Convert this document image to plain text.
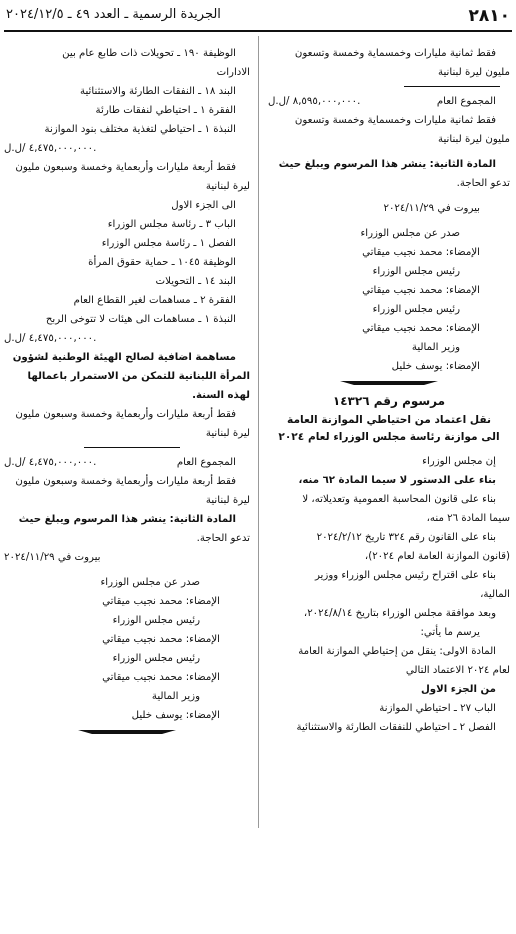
٢٨١٠
الجريدة الرسمية ـ العدد ٤٩ ـ ٢٠٢٤/١٢/٥
فقط ثمانية مليارات وخمسماية وخمسة وتسعون
مليون ليرة لبنانية
المجموع العام
٨,٥٩٥,٠٠٠,٠٠٠ /ل.ل.
فقط ثمانية مليارات وخمسماية وخمسة وتسعون
مليون ليرة لبنانية
المادة الثانية: ينشر هذا المرسوم ويبلغ حيث
تدعو الحاجة.
بيروت في ٢٠٢٤/١١/٢٩
صدر عن مجلس الوزراء
الإمضاء: محمد نجيب ميقاتي
رئيس مجلس الوزراء
الإمضاء: محمد نجيب ميقاتي
رئيس مجلس الوزراء
الإمضاء: محمد نجيب ميقاتي
وزير المالية
الإمضاء: يوسف خليل
مرسوم رقم ١٤٣٢٦
نقل اعتماد من احتياطي الموازنة العامة
الى موازنة رئاسة مجلس الوزراء لعام ٢٠٢٤
إن مجلس الوزراء
بناء على الدستور لا سيما المادة ٦٢ منه،
بناء على قانون المحاسبة العمومية وتعديلاته، لا
سيما المادة ٢٦ منه،
بناء على القانون رقم ٣٢٤ تاريخ ٢٠٢٤/٢/١٢
(قانون الموازنة العامة لعام ٢٠٢٤)،
بناء على اقتراح رئيس مجلس الوزراء ووزير
المالية،
وبعد موافقة مجلس الوزراء بتاريخ ٢٠٢٤/٨/١٤،
يرسم ما يأتي:
المادة الاولى: ينقل من إحتياطي الموازنة العامة
لعام ٢٠٢٤ الاعتماد التالي
من الجزء الاول
الباب ٢٧ ـ احتياطي الموازنة
الفصل ٢ ـ احتياطي للنفقات الطارئة والاستثنائية
الوظيفة ١٩٠ ـ تحويلات ذات طابع عام بين
الادارات
البند ١٨ ـ النفقات الطارئة والاستثنائية
الفقرة ١ ـ احتياطي لنفقات طارئة
النبذة ١ ـ احتياطي لتغذية مختلف بنود الموازنة
٤,٤٧٥,٠٠٠,٠٠٠ /ل.ل.
فقط أربعة مليارات وأربعماية وخمسة وسبعون مليون
ليرة لبنانية
الى الجزء الاول
الباب ٣ ـ رئاسة مجلس الوزراء
الفصل ١ ـ رئاسة مجلس الوزراء
الوظيفة ١٠٤٥ ـ حماية حقوق المرأة
البند ١٤ ـ التحويلات
الفقرة ٢ ـ مساهمات لغير القطاع العام
النبذة ١ ـ مساهمات الى هيئات لا تتوخى الربح
٤,٤٧٥,٠٠٠,٠٠٠ /ل.ل.
مساهمة اضافية لصالح الهيئة الوطنية لشؤون
المرأة اللبنانية للتمكن من الاستمرار باعمالها
لهذه السنة.
فقط أربعة مليارات وأربعماية وخمسة وسبعون مليون
ليرة لبنانية
المجموع العام
٤,٤٧٥,٠٠٠,٠٠٠ /ل.ل.
فقط أربعة مليارات وأربعماية وخمسة وسبعون مليون
ليرة لبنانية
المادة الثانية: ينشر هذا المرسوم ويبلغ حيث
تدعو الحاجة.
بيروت في ٢٠٢٤/١١/٢٩
صدر عن مجلس الوزراء
الإمضاء: محمد نجيب ميقاتي
رئيس مجلس الوزراء
الإمضاء: محمد نجيب ميقاتي
رئيس مجلس الوزراء
الإمضاء: محمد نجيب ميقاتي
وزير المالية
الإمضاء: يوسف خليل
